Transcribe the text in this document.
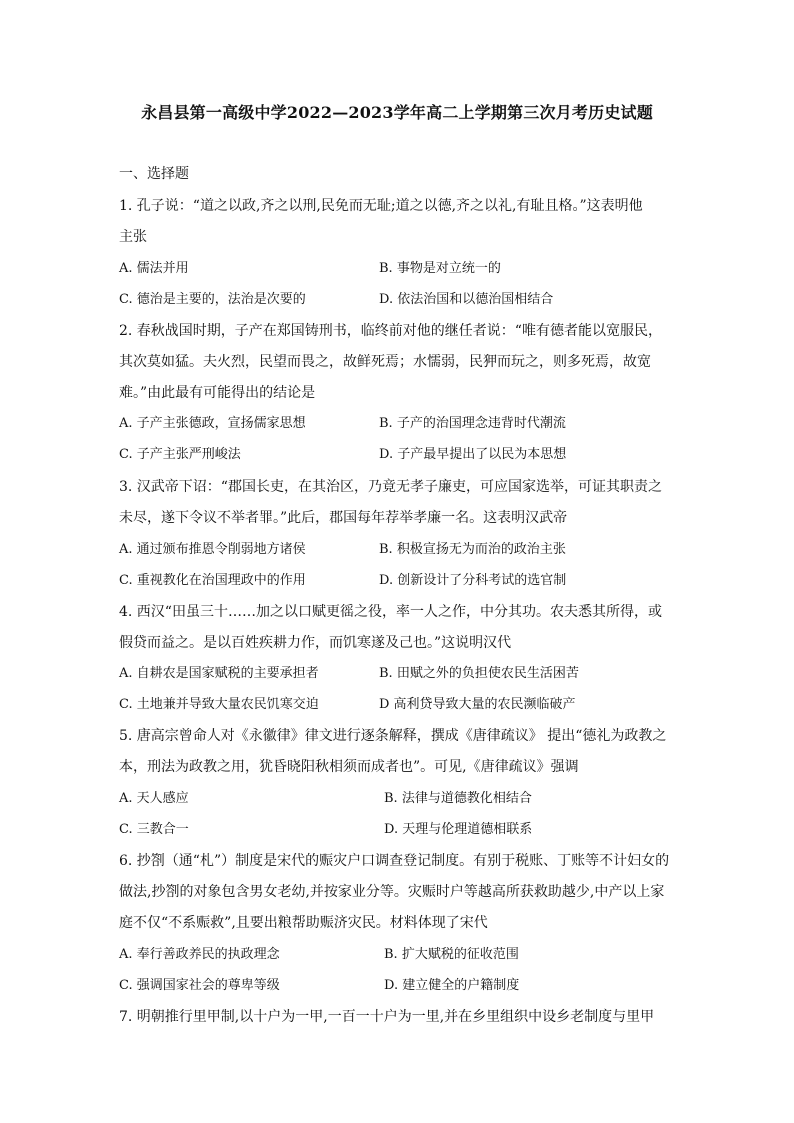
永昌县第一高级中学2022—2023学年高二上学期第三次月考历史试题
一、选择题
1. 孔子说：“道之以政,齐之以刑,民免而无耻;道之以德,齐之以礼,有耻且格。”这表明他
主张
A. 儒法并用	B. 事物是对立统一的
C. 德治是主要的，法治是次要的	D. 依法治国和以德治国相结合
2. 春秋战国时期，子产在郑国铸刑书，临终前对他的继任者说：“唯有德者能以宽服民，
其次莫如猛。夫火烈，民望而畏之，故鲜死焉；水懦弱，民狎而玩之，则多死焉，故宽
难。”由此最有可能得出的结论是
A. 子产主张德政，宣扬儒家思想	B. 子产的治国理念违背时代潮流
C. 子产主张严刑峻法	D. 子产最早提出了以民为本思想
3. 汉武帝下诏：“郡国长吏，在其治区，乃竟无孝子廉吏，可应国家选举，可证其职责之
未尽，遂下令议不举者罪。”此后，郡国每年荐举孝廉一名。这表明汉武帝
A. 通过颁布推恩令削弱地方诸侯	B. 积极宣扬无为而治的政治主张
C. 重视教化在治国理政中的作用	D. 创新设计了分科考试的选官制
4. 西汉“田虽三十……加之以口赋更徭之役，率一人之作，中分其功。农夫悉其所得，或
假贷而益之。是以百姓疾耕力作，而饥寒遂及己也。”这说明汉代
A. 自耕农是国家赋税的主要承担者	B. 田赋之外的负担使农民生活困苦
C. 土地兼并导致大量农民饥寒交迫	D 高利贷导致大量的农民濒临破产
5. 唐高宗曾命人对《永徽律》律文进行逐条解释，撰成《唐律疏议》 提出“德礼为政教之
本，刑法为政教之用，犹昏晓阳秋相须而成者也”。可见,《唐律疏议》强调
A. 天人感应	B. 法律与道德教化相结合
C. 三教合一	D. 天理与伦理道德相联系
6. 抄劄（通“札”）制度是宋代的赈灾户口调查登记制度。有别于税账、丁账等不计妇女的
做法,抄劄的对象包含男女老幼,并按家业分等。灾赈时户等越高所获救助越少,中产以上家
庭不仅“不系赈救”,且要出粮帮助赈济灾民。材料体现了宋代
A. 奉行善政养民的执政理念	B. 扩大赋税的征收范围
C. 强调国家社会的尊卑等级	D. 建立健全的户籍制度
7. 明朝推行里甲制,以十户为一甲,一百一十户为一里,并在乡里组织中设乡老制度与里甲
